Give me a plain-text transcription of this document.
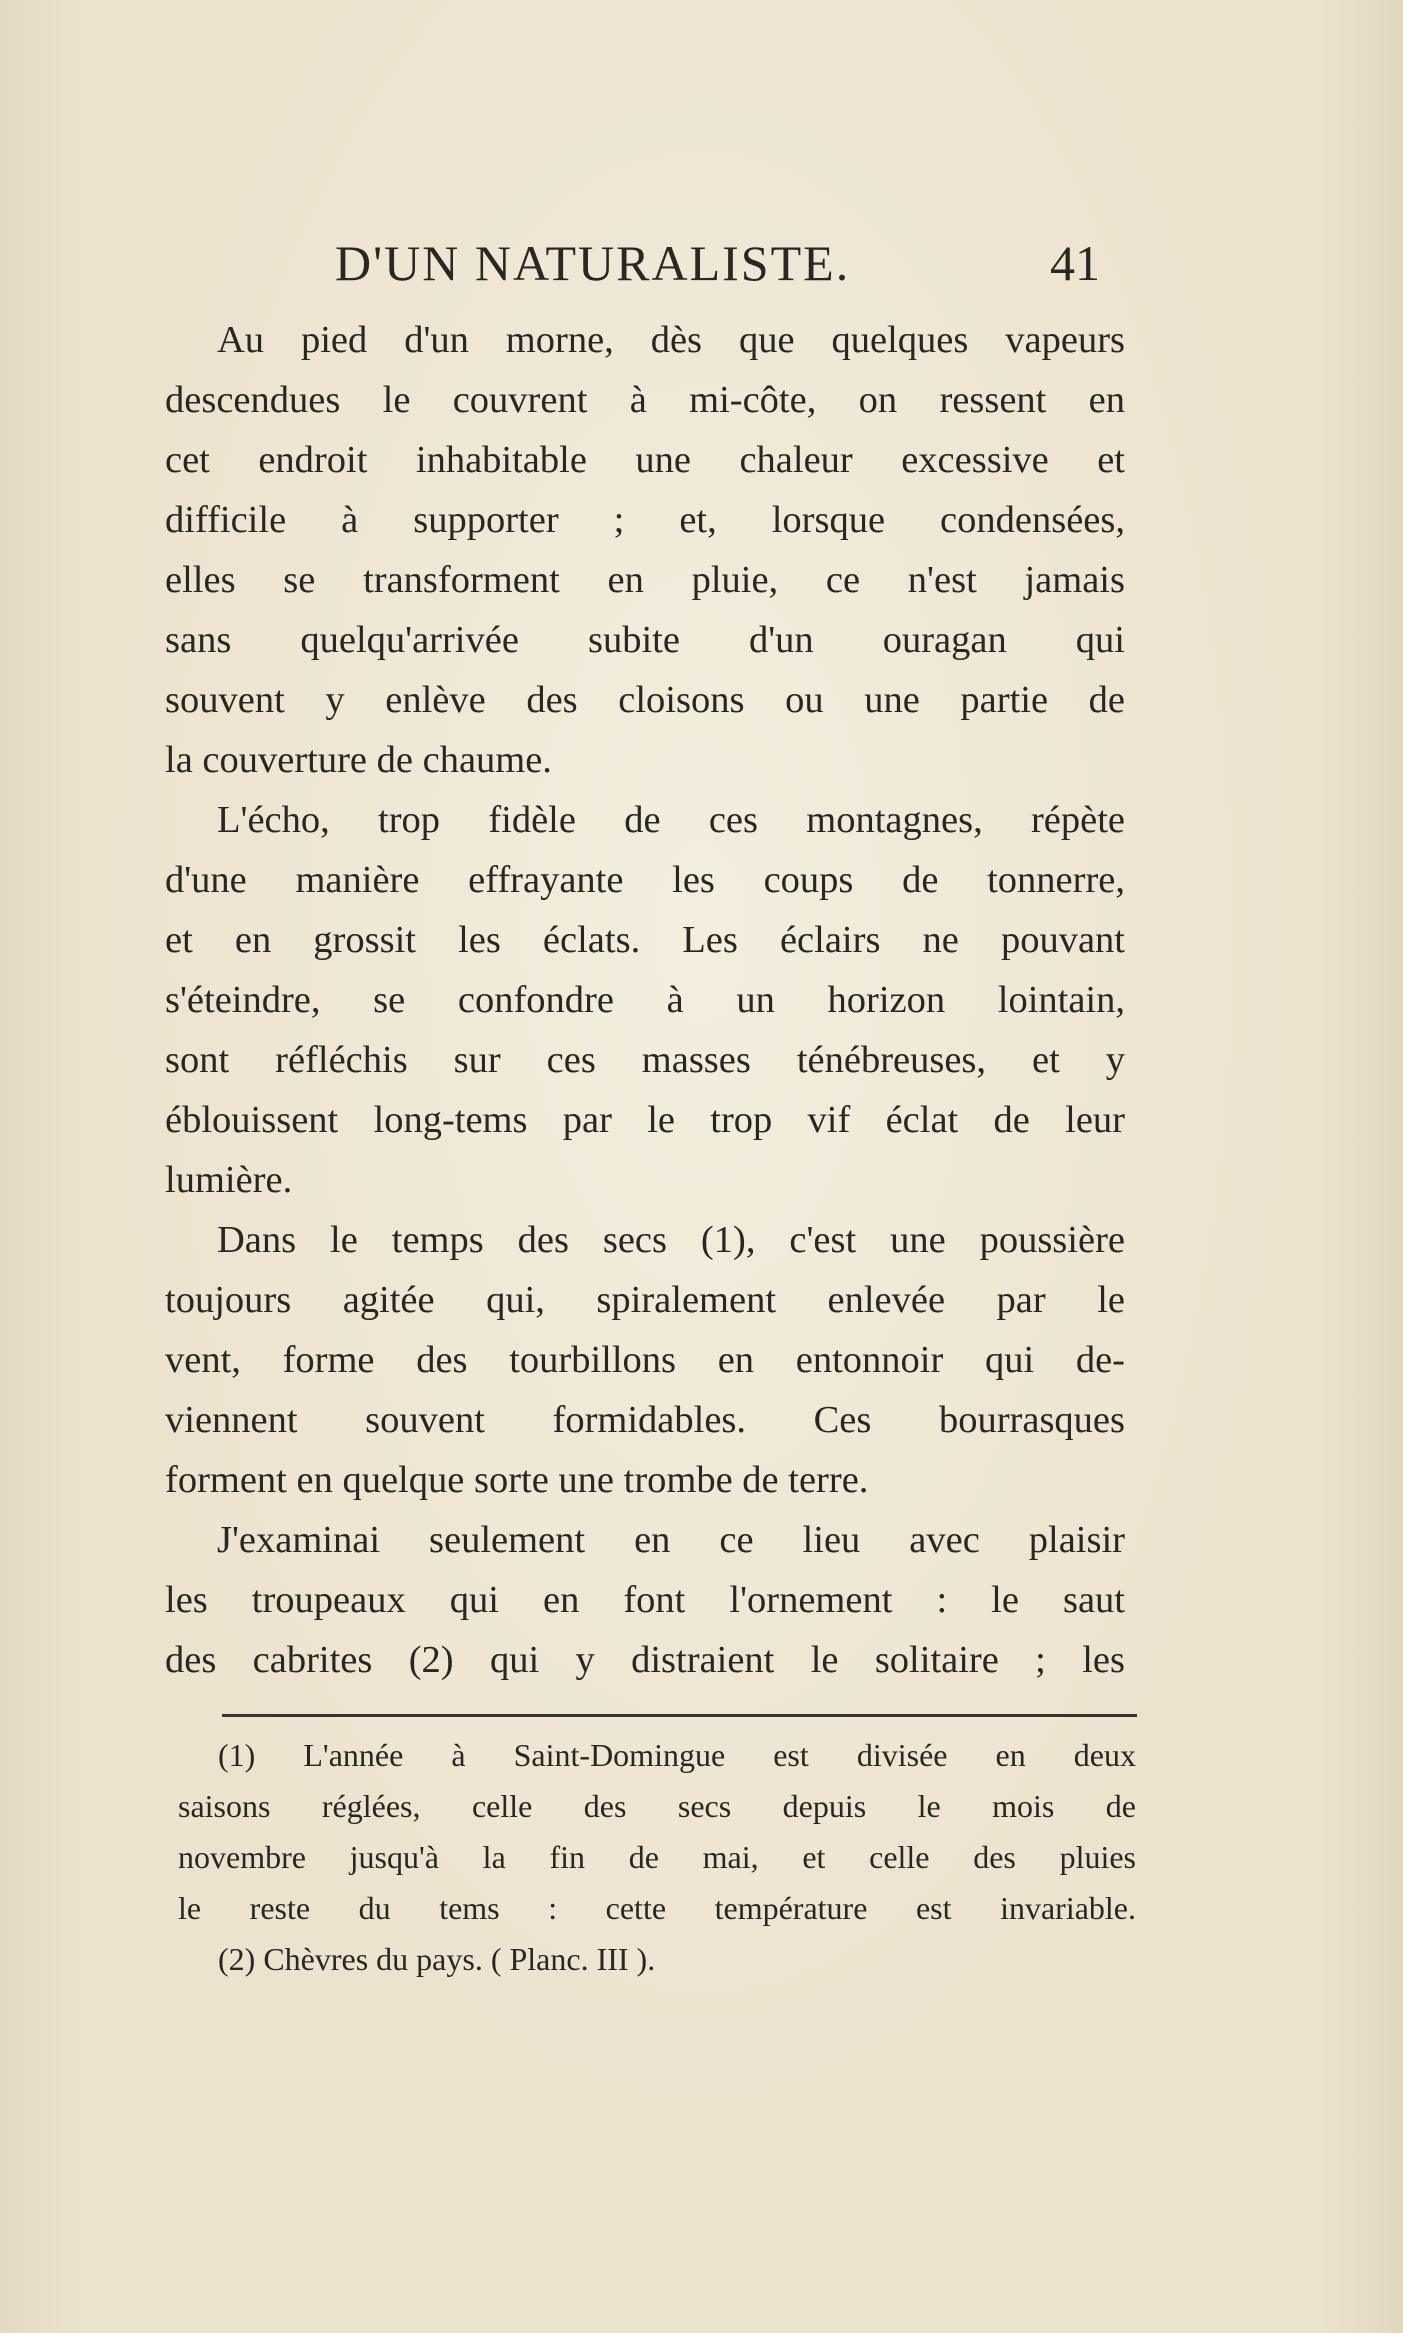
D'UN NATURALISTE.	41
Au pied d'un morne, dès que quelques vapeurs
descendues le couvrent à mi-côte, on ressent en
cet endroit inhabitable une chaleur excessive et
difficile à supporter ; et, lorsque condensées,
elles se transforment en pluie, ce n'est jamais
sans quelqu'arrivée subite d'un ouragan qui
souvent y enlève des cloisons ou une partie de
la couverture de chaume.
L'écho, trop fidèle de ces montagnes, répète
d'une manière effrayante les coups de tonnerre,
et en grossit les éclats. Les éclairs ne pouvant
s'éteindre, se confondre à un horizon lointain,
sont réfléchis sur ces masses ténébreuses, et y
éblouissent long-tems par le trop vif éclat de leur
lumière.
Dans le temps des secs (1), c'est une poussière
toujours agitée qui, spiralement enlevée par le
vent, forme des tourbillons en entonnoir qui de-
viennent souvent formidables. Ces bourrasques
forment en quelque sorte une trombe de terre.
J'examinai seulement en ce lieu avec plaisir
les troupeaux qui en font l'ornement : le saut
des cabrites (2) qui y distraient le solitaire ; les
(1) L'année à Saint-Domingue est divisée en deux
saisons réglées, celle des secs depuis le mois de
novembre jusqu'à la fin de mai, et celle des pluies
le reste du tems : cette température est invariable.
(2) Chèvres du pays. ( Planc. III ).
